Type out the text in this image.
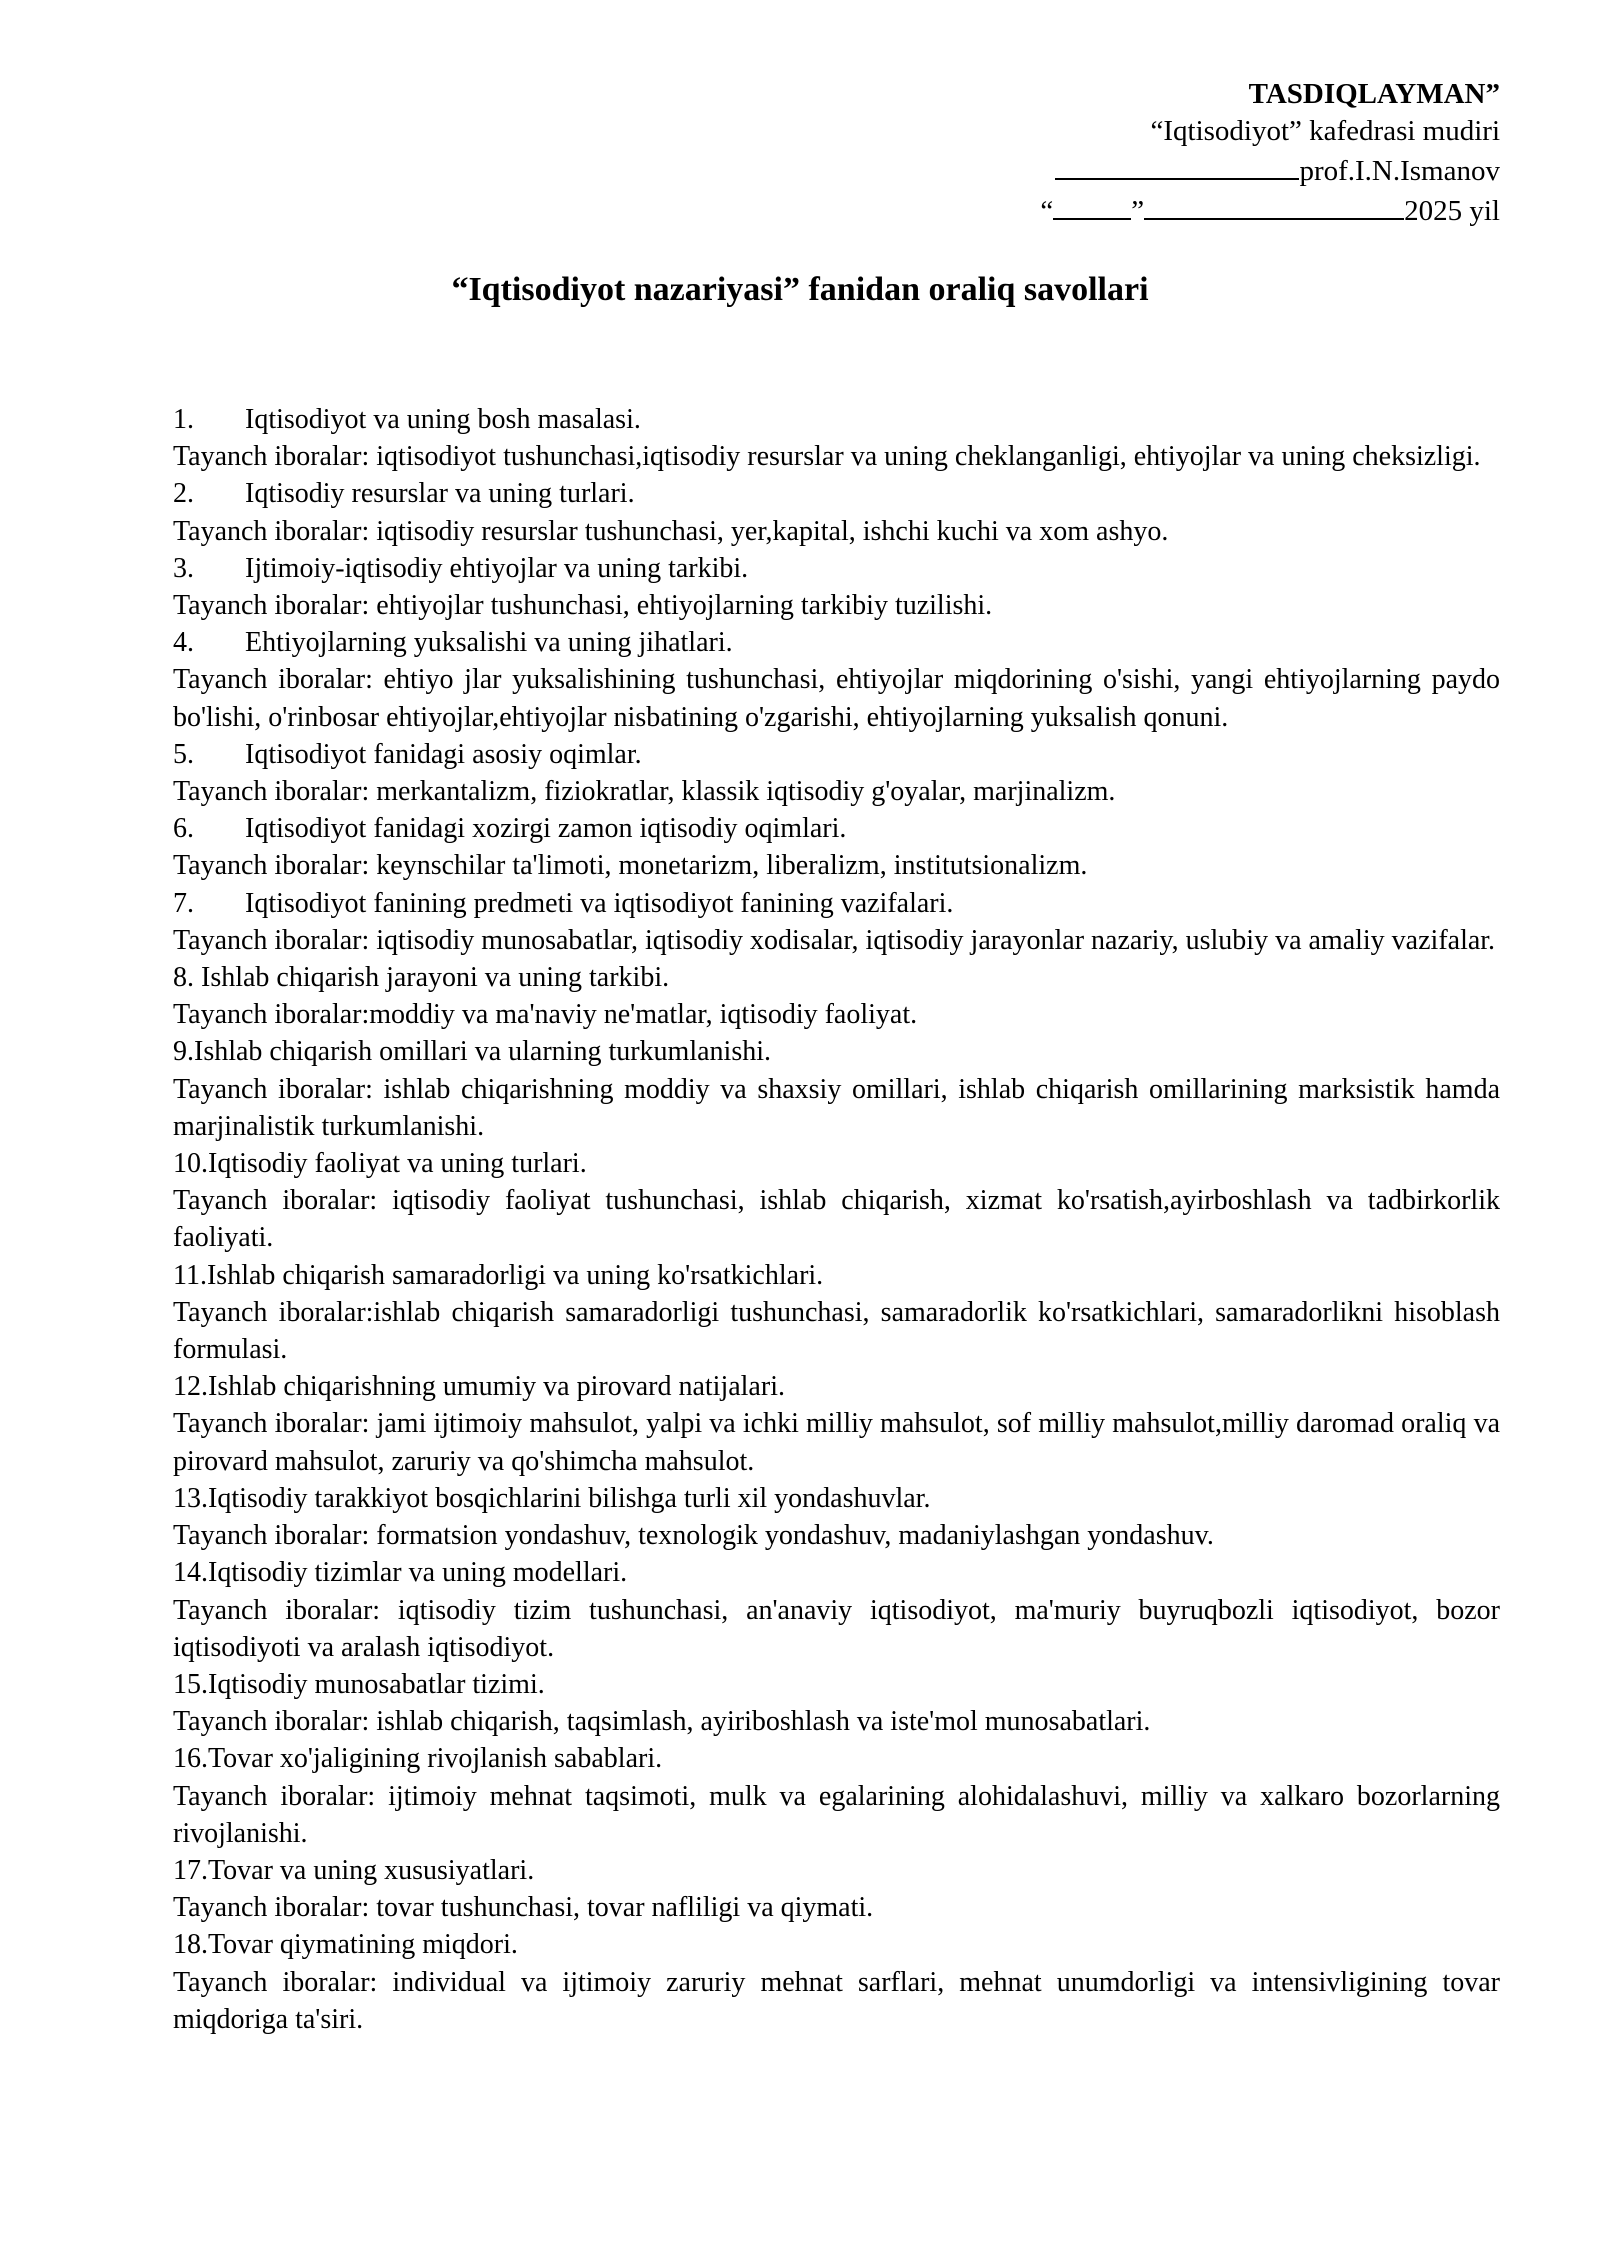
TASDIQLAYMAN”
“Iqtisodiyot” kafedrasi mudiri
prof.I.N.Ismanov
“	”	2025 yil
“Iqtisodiyot nazariyasi” fanidan oraliq savollari
1. Iqtisodiyot va uning bosh masalasi.
Tayanch iboralar: iqtisodiyot tushunchasi,iqtisodiy resurslar va uning cheklanganligi, ehtiyojlar va uning cheksizligi.
2. Iqtisodiy resurslar va uning turlari.
Tayanch iboralar: iqtisodiy resurslar tushunchasi, yer,kapital, ishchi kuchi va xom ashyo.
3. Ijtimoiy-iqtisodiy ehtiyojlar va uning tarkibi.
Tayanch iboralar: ehtiyojlar tushunchasi, ehtiyojlarning tarkibiy tuzilishi.
4. Ehtiyojlarning yuksalishi va uning jihatlari.
Tayanch iboralar: ehtiyo jlar yuksalishining tushunchasi, ehtiyojlar miqdorining o'sishi, yangi ehtiyojlarning paydo bo'lishi, o'rinbosar ehtiyojlar,ehtiyojlar nisbatining o'zgarishi, ehtiyojlarning yuksalish qonuni.
5. Iqtisodiyot fanidagi asosiy oqimlar.
Tayanch iboralar: merkantalizm, fiziokratlar, klassik iqtisodiy g'oyalar, marjinalizm.
6. Iqtisodiyot fanidagi xozirgi zamon iqtisodiy oqimlari.
Tayanch iboralar: keynschilar ta'limoti, monetarizm, liberalizm, institutsionalizm.
7. Iqtisodiyot fanining predmeti va iqtisodiyot fanining vazifalari.
Tayanch iboralar: iqtisodiy munosabatlar, iqtisodiy xodisalar, iqtisodiy jarayonlar nazariy, uslubiy va amaliy vazifalar.
8. Ishlab chiqarish jarayoni va uning tarkibi.
Tayanch iboralar:moddiy va ma'naviy ne'matlar, iqtisodiy faoliyat.
9.Ishlab chiqarish omillari va ularning turkumlanishi.
Tayanch iboralar: ishlab chiqarishning moddiy va shaxsiy omillari, ishlab chiqarish omillarining marksistik hamda marjinalistik turkumlanishi.
10.Iqtisodiy faoliyat va uning turlari.
Tayanch iboralar: iqtisodiy faoliyat tushunchasi, ishlab chiqarish, xizmat ko'rsatish,ayirboshlash va tadbirkorlik faoliyati.
11.Ishlab chiqarish samaradorligi va uning ko'rsatkichlari.
Tayanch iboralar:ishlab chiqarish samaradorligi tushunchasi, samaradorlik ko'rsatkichlari, samaradorlikni hisoblash formulasi.
12.Ishlab chiqarishning umumiy va pirovard natijalari.
Tayanch iboralar: jami ijtimoiy mahsulot, yalpi va ichki milliy mahsulot, sof milliy mahsulot,milliy daromad oraliq va pirovard mahsulot, zaruriy va qo'shimcha mahsulot.
13.Iqtisodiy tarakkiyot bosqichlarini bilishga turli xil yondashuvlar.
Tayanch iboralar: formatsion yondashuv, texnologik yondashuv, madaniylashgan yondashuv.
14.Iqtisodiy tizimlar va uning modellari.
Tayanch iboralar: iqtisodiy tizim tushunchasi, an'anaviy iqtisodiyot, ma'muriy buyruqbozli iqtisodiyot, bozor iqtisodiyoti va aralash iqtisodiyot.
15.Iqtisodiy munosabatlar tizimi.
Tayanch iboralar: ishlab chiqarish, taqsimlash, ayiriboshlash va iste'mol munosabatlari.
16.Tovar xo'jaligining rivojlanish sabablari.
Tayanch iboralar: ijtimoiy mehnat taqsimoti, mulk va egalarining alohidalashuvi, milliy va xalkaro bozorlarning rivojlanishi.
17.Tovar va uning xususiyatlari.
Tayanch iboralar: tovar tushunchasi, tovar nafliligi va qiymati.
18.Tovar qiymatining miqdori.
Tayanch iboralar: individual va ijtimoiy zaruriy mehnat sarflari, mehnat unumdorligi va intensivligining tovar miqdoriga ta'siri.
